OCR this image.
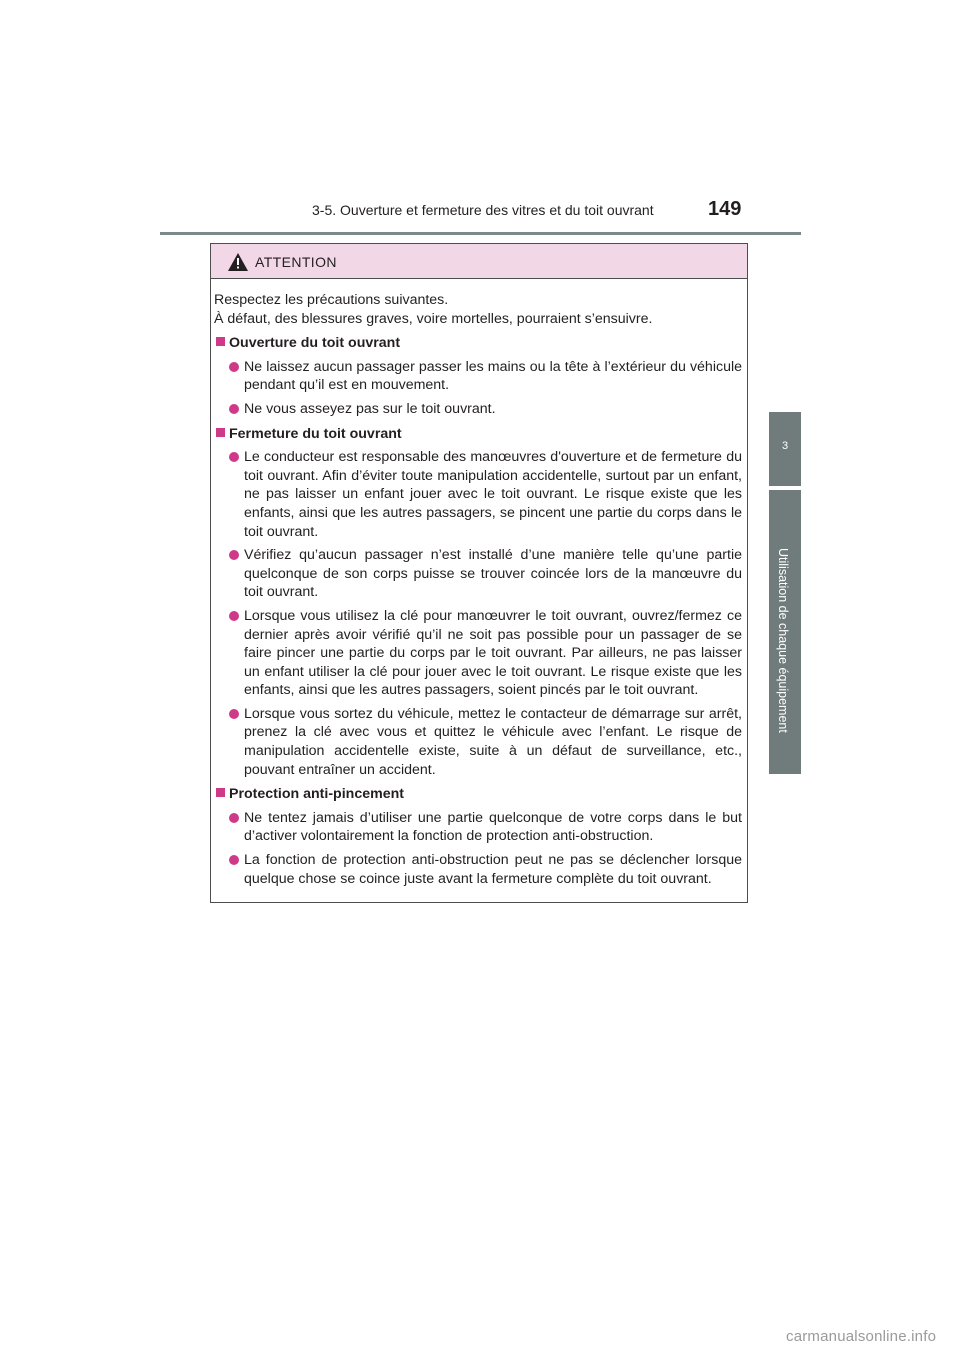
3-5. Ouverture et fermeture des vitres et du toit ouvrant	149
3
Utilisation de chaque équipement
ATTENTION

Respectez les précautions suivantes.

À défaut, des blessures graves, voire mortelles, pourraient s’ensuivre.

Ouverture du toit ouvrant
Ne laissez aucun passager passer les mains ou la tête à l’extérieur du véhicule pendant qu’il est en mouvement.
Ne vous asseyez pas sur le toit ouvrant.
Fermeture du toit ouvrant
Le conducteur est responsable des manœuvres d'ouverture et de fermeture du toit ouvrant. Afin d’éviter toute manipulation accidentelle, surtout par un enfant, ne pas laisser un enfant jouer avec le toit ouvrant. Le risque existe que les enfants, ainsi que les autres passagers, se pincent une partie du corps dans le toit ouvrant.
Vérifiez qu’aucun passager n’est installé d’une manière telle qu’une partie quelconque de son corps puisse se trouver coincée lors de la manœuvre du toit ouvrant.
Lorsque vous utilisez la clé pour manœuvrer le toit ouvrant, ouvrez/fermez ce dernier après avoir vérifié qu’il ne soit pas possible pour un passager de se faire pincer une partie du corps par le toit ouvrant. Par ailleurs, ne pas laisser un enfant utiliser la clé pour jouer avec le toit ouvrant. Le risque existe que les enfants, ainsi que les autres passagers, soient pincés par le toit ouvrant.
Lorsque vous sortez du véhicule, mettez le contacteur de démarrage sur arrêt, prenez la clé avec vous et quittez le véhicule avec l’enfant. Le risque de manipulation accidentelle existe, suite à un défaut de surveillance, etc., pouvant entraîner un accident.
Protection anti-pincement
Ne tentez jamais d’utiliser une partie quelconque de votre corps dans le but d’activer volontairement la fonction de protection anti-obstruction.
La fonction de protection anti-obstruction peut ne pas se déclencher lorsque quelque chose se coince juste avant la fermeture complète du toit ouvrant.
carmanualsonline.info
